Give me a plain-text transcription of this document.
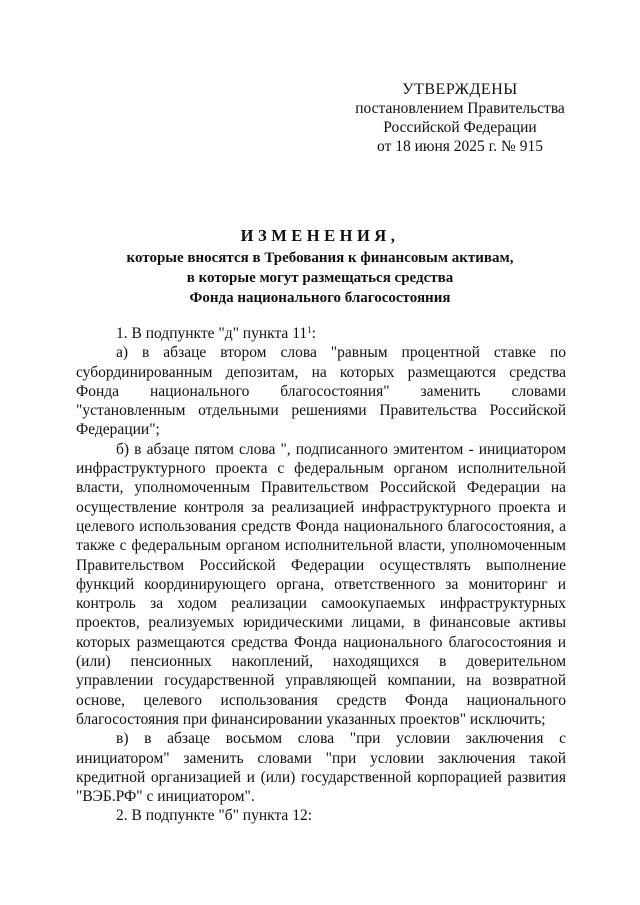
УТВЕРЖДЕНЫ
постановлением Правительства
Российской Федерации
от 18 июня 2025 г. № 915
ИЗМЕНЕНИЯ,
которые вносятся в Требования к финансовым активам,
в которые могут размещаться средства
Фонда национального благосостояния

1. В подпункте "д" пункта 11$^1$:

а) в абзаце втором слова "равным процентной ставке по субординированным депозитам, на которых размещаются средства Фонда национального благосостояния" заменить словами "установленным отдельными решениями Правительства Российской Федерации";

б) в абзаце пятом слова ", подписанного эмитентом - инициатором инфраструктурного проекта с федеральным органом исполнительной власти, уполномоченным Правительством Российской Федерации на осуществление контроля за реализацией инфраструктурного проекта и целевого использования средств Фонда национального благосостояния, а также с федеральным органом исполнительной власти, уполномоченным Правительством Российской Федерации осуществлять выполнение функций координирующего органа, ответственного за мониторинг и контроль за ходом реализации самоокупаемых инфраструктурных проектов, реализуемых юридическими лицами, в финансовые активы которых размещаются средства Фонда национального благосостояния и (или) пенсионных накоплений, находящихся в доверительном управлении государственной управляющей компании, на возвратной основе, целевого использования средств Фонда национального благосостояния при финансировании указанных проектов" исключить;

в) в абзаце восьмом слова "при условии заключения с инициатором" заменить словами "при условии заключения такой кредитной организацией и (или) государственной корпорацией развития "ВЭБ.РФ" с инициатором".

2. В подпункте "б" пункта 12:
